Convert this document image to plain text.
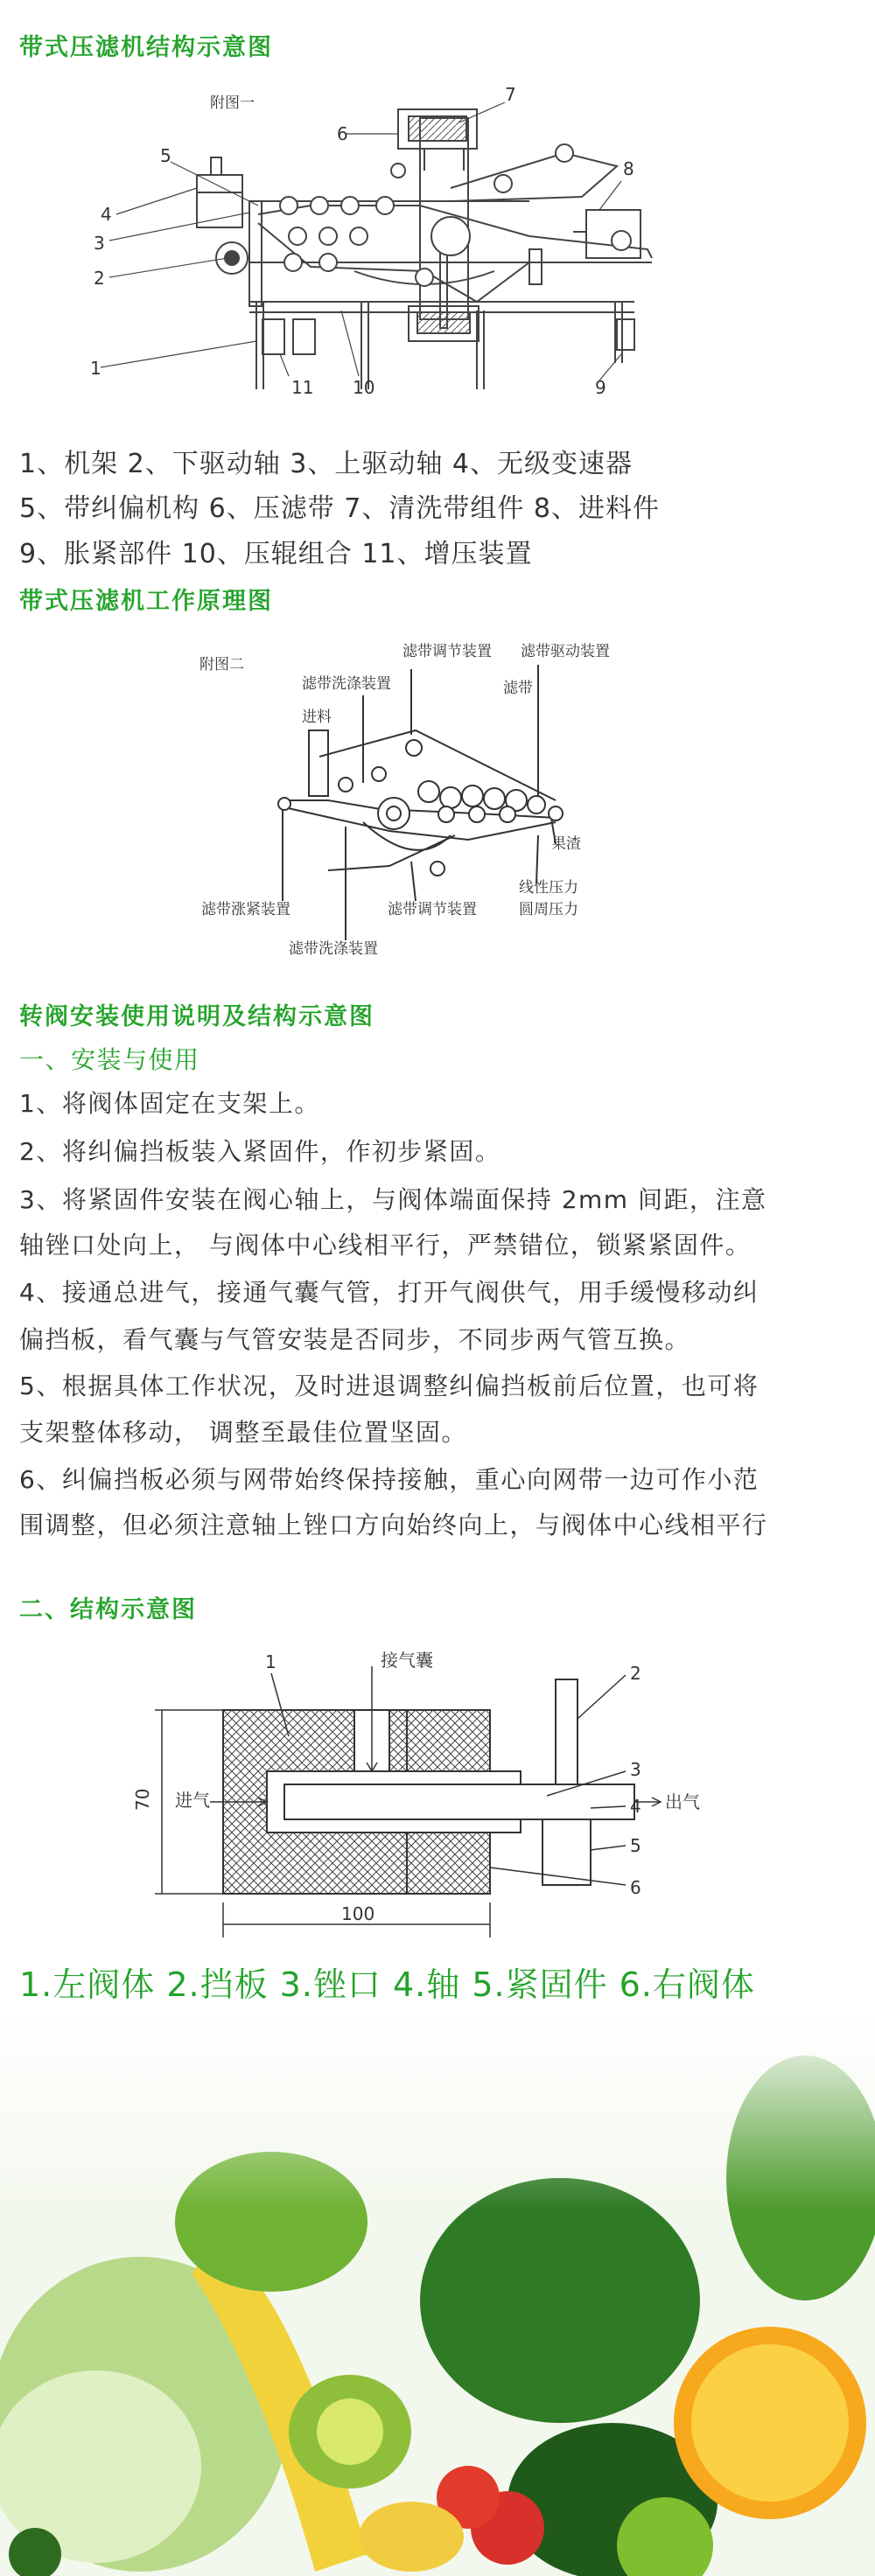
带式压滤机结构示意图
附图一
1
2
3
4
5
6
7
8
9
10
11
1、机架 2、下驱动轴 3、上驱动轴 4、无级变速器
5、带纠偏机构 6、压滤带 7、清洗带组件 8、进料件
9、胀紧部件 10、压辊组合 11、增压装置
带式压滤机工作原理图
附图二
滤带调节装置 滤带驱动装置
滤带洗涤装置	滤带
进料
果渣
线性压力
圆周压力
滤带涨紧装置	滤带调节装置
滤带洗涤装置
转阀安装使用说明及结构示意图
一、安装与使用
1、将阀体固定在支架上。
2、将纠偏挡板装入紧固件，作初步紧固。
3、将紧固件安装在阀心轴上，与阀体端面保持 2mm 间距，注意
轴锉口处向上， 与阀体中心线相平行，严禁错位，锁紧紧固件。
4、接通总进气，接通气囊气管，打开气阀供气，用手缓慢移动纠
偏挡板，看气囊与气管安装是否同步，不同步两气管互换。
5、根据具体工作状况，及时进退调整纠偏挡板前后位置，也可将
支架整体移动， 调整至最佳位置坚固。
6、纠偏挡板必须与网带始终保持接触，重心向网带一边可作小范
围调整，但必须注意轴上锉口方向始终向上，与阀体中心线相平行
二、结构示意图
接气囊
进气	出气
70
100
1
2
3
4
5
6
1.左阀体 2.挡板 3.锉口 4.轴 5.紧固件 6.右阀体
